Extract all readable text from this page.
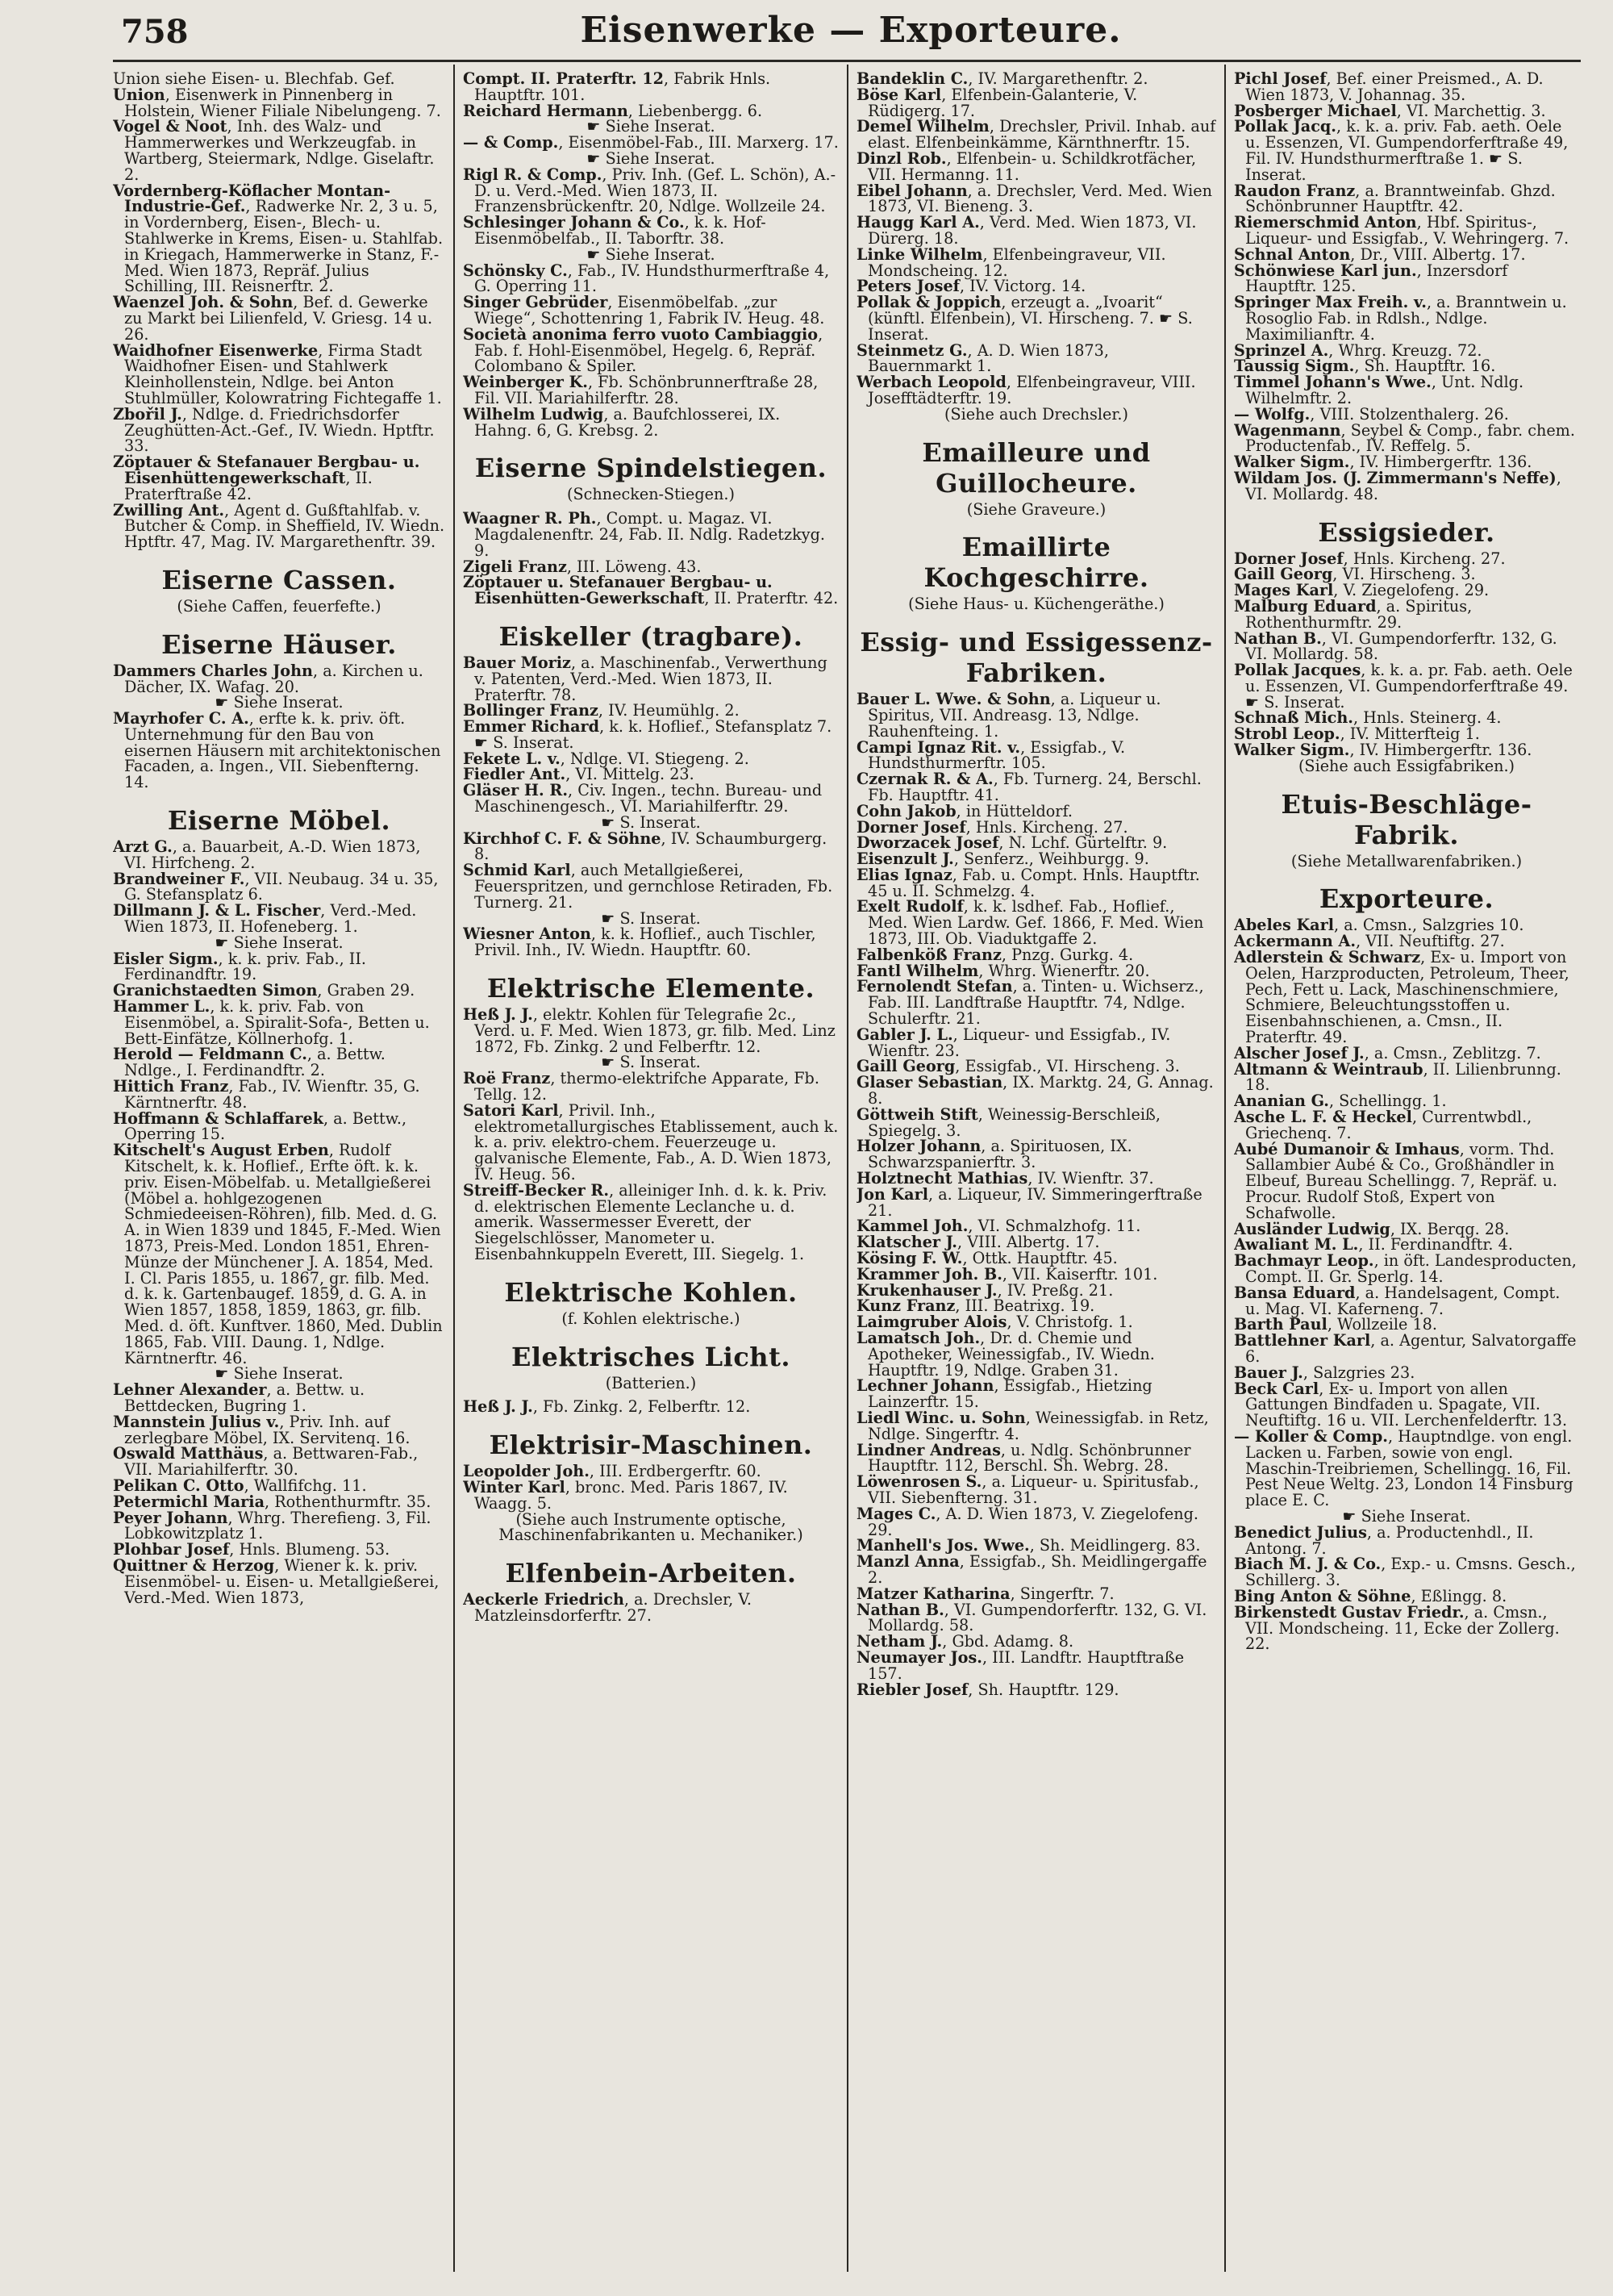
758	Eisenwerke — Exporteure.
Union siehe Eisen- u. Blechfab. Gef.
Union, Eisenwerk in Pinnenberg in Holstein, Wiener Filiale Nibelungeng. 7.
Vogel & Noot, Inh. des Walz- und Hammerwerkes und Werkzeugfab. in Wartberg, Steiermark, Ndlge. Giselaftr. 2.
Vordernberg-Köflacher Montan-Industrie-Gef., Radwerke Nr. 2, 3 u. 5, in Vordernberg, Eisen-, Blech- u. Stahlwerke in Krems, Eisen- u. Stahlfab. in Kriegach, Hammerwerke in Stanz, F.-Med. Wien 1873, Repräf. Julius Schilling, III. Reisnerftr. 2.
Waenzel Joh. & Sohn, Bef. d. Gewerke zu Markt bei Lilienfeld, V. Griesg. 14 u. 26.
Waidhofner Eisenwerke, Firma Stadt Waidhofner Eisen- und Stahlwerk Kleinhollenstein, Ndlge. bei Anton Stuhlmüller, Kolowratring Fichtegaffe 1.
Zbořil J., Ndlge. d. Friedrichsdorfer Zeughütten-Act.-Gef., IV. Wiedn. Hptftr. 33.
Zöptauer & Stefanauer Bergbau- u. Eisenhüttengewerkschaft, II. Praterftraße 42.
Zwilling Ant., Agent d. Gußftahlfab. v. Butcher & Comp. in Sheffield, IV. Wiedn. Hptftr. 47, Mag. IV. Margarethenftr. 39.
Eiserne Cassen.
(Siehe Caffen, feuerfefte.)
Eiserne Häuser.
Dammers Charles John, a. Kirchen u. Dächer, IX. Wafag. 20.
☛ Siehe Inserat.
Mayrhofer C. A., erfte k. k. priv. öft. Unternehmung für den Bau von eisernen Häusern mit architektonischen Facaden, a. Ingen., VII. Siebenfterng. 14.
Eiserne Möbel.
Arzt G., a. Bauarbeit, A.-D. Wien 1873, VI. Hirfcheng. 2.
Brandweiner F., VII. Neubaug. 34 u. 35, G. Stefansplatz 6.
Dillmann J. & L. Fischer, Verd.-Med. Wien 1873, II. Hofeneberg. 1.
☛ Siehe Inserat.
Eisler Sigm., k. k. priv. Fab., II. Ferdinandftr. 19.
Granichstaedten Simon, Graben 29.
Hammer L., k. k. priv. Fab. von Eisenmöbel, a. Spiralit-Sofa-, Betten u. Bett-Einfätze, Köllnerhofg. 1.
Herold — Feldmann C., a. Bettw. Ndlge., I. Ferdinandftr. 2.
Hittich Franz, Fab., IV. Wienftr. 35, G. Kärntnerftr. 48.
Hoffmann & Schlaffarek, a. Bettw., Operring 15.
Kitschelt's August Erben, Rudolf Kitschelt, k. k. Hoflief., Erfte öft. k. k. priv. Eisen-Möbelfab. u. Metallgießerei (Möbel a. hohlgezogenen Schmiedeeisen-Röhren), filb. Med. d. G. A. in Wien 1839 und 1845, F.-Med. Wien 1873, Preis-Med. London 1851, Ehren-Münze der Münchener J. A. 1854, Med. I. Cl. Paris 1855, u. 1867, gr. filb. Med. d. k. k. Gartenbaugef. 1859, d. G. A. in Wien 1857, 1858, 1859, 1863, gr. filb. Med. d. öft. Kunftver. 1860, Med. Dublin 1865, Fab. VIII. Daung. 1, Ndlge. Kärntnerftr. 46.
☛ Siehe Inserat.
Lehner Alexander, a. Bettw. u. Bettdecken, Bugring 1.
Mannstein Julius v., Priv. Inh. auf zerlegbare Möbel, IX. Servitenq. 16.
Oswald Matthäus, a. Bettwaren-Fab., VII. Mariahilferftr. 30.
Pelikan C. Otto, Wallfifchg. 11.
Petermichl Maria, Rothenthurmftr. 35.
Peyer Johann, Whrg. Therefieng. 3, Fil. Lobkowitzplatz 1.
Plohbar Josef, Hnls. Blumeng. 53.
Quittner & Herzog, Wiener k. k. priv. Eisenmöbel- u. Eisen- u. Metallgießerei, Verd.-Med. Wien 1873,
Compt. II. Praterftr. 12, Fabrik Hnls. Hauptftr. 101.
Reichard Hermann, Liebenbergg. 6.
☛ Siehe Inserat.
— & Comp., Eisenmöbel-Fab., III. Marxerg. 17.
☛ Siehe Inserat.
Rigl R. & Comp., Priv. Inh. (Gef. L. Schön), A.-D. u. Verd.-Med. Wien 1873, II. Franzensbrückenftr. 20, Ndlge. Wollzeile 24.
Schlesinger Johann & Co., k. k. Hof-Eisenmöbelfab., II. Taborftr. 38.
☛ Siehe Inserat.
Schönsky C., Fab., IV. Hundsthurmerftraße 4, G. Operring 11.
Singer Gebrüder, Eisenmöbelfab. „zur Wiege“, Schottenring 1, Fabrik IV. Heug. 48.
Società anonima ferro vuoto Cambiaggio, Fab. f. Hohl-Eisenmöbel, Hegelg. 6, Repräf. Colombano & Spiler.
Weinberger K., Fb. Schönbrunnerftraße 28, Fil. VII. Mariahilferftr. 28.
Wilhelm Ludwig, a. Baufchlosserei, IX. Hahng. 6, G. Krebsg. 2.
Eiserne Spindelstiegen.
(Schnecken-Stiegen.)
Waagner R. Ph., Compt. u. Magaz. VI. Magdalenenftr. 24, Fab. II. Ndlg. Radetzkyg. 9.
Zigeli Franz, III. Löweng. 43.
Zöptauer u. Stefanauer Bergbau- u. Eisenhütten-Gewerkschaft, II. Praterftr. 42.
Eiskeller (tragbare).
Bauer Moriz, a. Maschinenfab., Verwerthung v. Patenten, Verd.-Med. Wien 1873, II. Praterftr. 78.
Bollinger Franz, IV. Heumühlg. 2.
Emmer Richard, k. k. Hoflief., Stefansplatz 7. ☛ S. Inserat.
Fekete L. v., Ndlge. VI. Stiegeng. 2.
Fiedler Ant., VI. Mittelg. 23.
Gläser H. R., Civ. Ingen., techn. Bureau- und Maschinengesch., VI. Mariahilferftr. 29.
☛ S. Inserat.
Kirchhof C. F. & Söhne, IV. Schaumburgerg. 8.
Schmid Karl, auch Metallgießerei, Feuerspritzen, und gernchlose Retiraden, Fb. Turnerg. 21.
☛ S. Inserat.
Wiesner Anton, k. k. Hoflief., auch Tischler, Privil. Inh., IV. Wiedn. Hauptftr. 60.
Elektrische Elemente.
Heß J. J., elektr. Kohlen für Telegrafie 2c., Verd. u. F. Med. Wien 1873, gr. filb. Med. Linz 1872, Fb. Zinkg. 2 und Felberftr. 12.
☛ S. Inserat.
Roë Franz, thermo-elektrifche Apparate, Fb. Tellg. 12.
Satori Karl, Privil. Inh., elektrometallurgisches Etablissement, auch k. k. a. priv. elektro-chem. Feuerzeuge u. galvanische Elemente, Fab., A. D. Wien 1873, IV. Heug. 56.
Streiff-Becker R., alleiniger Inh. d. k. k. Priv. d. elektrischen Elemente Leclanche u. d. amerik. Wassermesser Everett, der Siegelschlösser, Manometer u. Eisenbahnkuppeln Everett, III. Siegelg. 1.
Elektrische Kohlen.
(f. Kohlen elektrische.)
Elektrisches Licht.
(Batterien.)
Heß J. J., Fb. Zinkg. 2, Felberftr. 12.
Elektrisir-Maschinen.
Leopolder Joh., III. Erdbergerftr. 60.
Winter Karl, bronc. Med. Paris 1867, IV. Waagg. 5.
(Siehe auch Instrumente optische, Maschinenfabrikanten u. Mechaniker.)
Elfenbein-Arbeiten.
Aeckerle Friedrich, a. Drechsler, V. Matzleinsdorferftr. 27.
Bandeklin C., IV. Margarethenftr. 2.
Böse Karl, Elfenbein-Galanterie, V. Rüdigerg. 17.
Demel Wilhelm, Drechsler, Privil. Inhab. auf elast. Elfenbeinkämme, Kärnthnerftr. 15.
Dinzl Rob., Elfenbein- u. Schildkrotfächer, VII. Hermanng. 11.
Eibel Johann, a. Drechsler, Verd. Med. Wien 1873, VI. Bieneng. 3.
Haugg Karl A., Verd. Med. Wien 1873, VI. Dürerg. 18.
Linke Wilhelm, Elfenbeingraveur, VII. Mondscheing. 12.
Peters Josef, IV. Victorg. 14.
Pollak & Joppich, erzeugt a. „Ivoarit“ (künftl. Elfenbein), VI. Hirscheng. 7. ☛ S. Inserat.
Steinmetz G., A. D. Wien 1873, Bauernmarkt 1.
Werbach Leopold, Elfenbeingraveur, VIII. Josefftädterftr. 19.
(Siehe auch Drechsler.)
Emailleure und Guillocheure.
(Siehe Graveure.)
Emaillirte Kochgeschirre.
(Siehe Haus- u. Küchengeräthe.)
Essig- und Essigessenz-Fabriken.
Bauer L. Wwe. & Sohn, a. Liqueur u. Spiritus, VII. Andreasg. 13, Ndlge. Rauhenfteing. 1.
Campi Ignaz Rit. v., Essigfab., V. Hundsthurmerftr. 105.
Czernak R. & A., Fb. Turnerg. 24, Berschl. Fb. Hauptftr. 41.
Cohn Jakob, in Hütteldorf.
Dorner Josef, Hnls. Kircheng. 27.
Dworzacek Josef, N. Lchf. Gürtelftr. 9.
Eisenzult J., Senferz., Weihburgg. 9.
Elias Ignaz, Fab. u. Compt. Hnls. Hauptftr. 45 u. II. Schmelzg. 4.
Exelt Rudolf, k. k. lsdhef. Fab., Hoflief., Med. Wien Lardw. Gef. 1866, F. Med. Wien 1873, III. Ob. Viaduktgaffe 2.
Falbenköß Franz, Pnzg. Gurkg. 4.
Fantl Wilhelm, Whrg. Wienerftr. 20.
Fernolendt Stefan, a. Tinten- u. Wichserz., Fab. III. Landftraße Hauptftr. 74, Ndlge. Schulerftr. 21.
Gabler J. L., Liqueur- und Essigfab., IV. Wienftr. 23.
Gaill Georg, Essigfab., VI. Hirscheng. 3.
Glaser Sebastian, IX. Marktg. 24, G. Annag. 8.
Göttweih Stift, Weinessig-Berschleiß, Spiegelg. 3.
Holzer Johann, a. Spirituosen, IX. Schwarzspanierftr. 3.
Holztnecht Mathias, IV. Wienftr. 37.
Jon Karl, a. Liqueur, IV. Simmeringerftraße 21.
Kammel Joh., VI. Schmalzhofg. 11.
Klatscher J., VIII. Albertg. 17.
Kösing F. W., Ottk. Hauptftr. 45.
Krammer Joh. B., VII. Kaiserftr. 101.
Krukenhauser J., IV. Preßg. 21.
Kunz Franz, III. Beatrixg. 19.
Laimgruber Alois, V. Christofg. 1.
Lamatsch Joh., Dr. d. Chemie und Apotheker, Weinessigfab., IV. Wiedn. Hauptftr. 19, Ndlge. Graben 31.
Lechner Johann, Essigfab., Hietzing Lainzerftr. 15.
Liedl Winc. u. Sohn, Weinessigfab. in Retz, Ndlge. Singerftr. 4.
Lindner Andreas, u. Ndlg. Schönbrunner Hauptftr. 112, Berschl. Sh. Webrg. 28.
Löwenrosen S., a. Liqueur- u. Spiritusfab., VII. Siebenfterng. 31.
Mages C., A. D. Wien 1873, V. Ziegelofeng. 29.
Manhell's Jos. Wwe., Sh. Meidlingerg. 83.
Manzl Anna, Essigfab., Sh. Meidlingergaffe 2.
Matzer Katharina, Singerftr. 7.
Nathan B., VI. Gumpendorferftr. 132, G. VI. Mollardg. 58.
Netham J., Gbd. Adamg. 8.
Neumayer Jos., III. Landftr. Hauptftraße 157.
Riebler Josef, Sh. Hauptftr. 129.
Pichl Josef, Bef. einer Preismed., A. D. Wien 1873, V. Johannag. 35.
Posberger Michael, VI. Marchettig. 3.
Pollak Jacq., k. k. a. priv. Fab. aeth. Oele u. Essenzen, VI. Gumpendorferftraße 49, Fil. IV. Hundsthurmerftraße 1. ☛ S. Inserat.
Raudon Franz, a. Branntweinfab. Ghzd. Schönbrunner Hauptftr. 42.
Riemerschmid Anton, Hbf. Spiritus-, Liqueur- und Essigfab., V. Wehringerg. 7.
Schnal Anton, Dr., VIII. Albertg. 17.
Schönwiese Karl jun., Inzersdorf Hauptftr. 125.
Springer Max Freih. v., a. Branntwein u. Rosoglio Fab. in Rdlsh., Ndlge. Maximilianftr. 4.
Sprinzel A., Whrg. Kreuzg. 72.
Taussig Sigm., Sh. Hauptftr. 16.
Timmel Johann's Wwe., Unt. Ndlg. Wilhelmftr. 2.
— Wolfg., VIII. Stolzenthalerg. 26.
Wagenmann, Seybel & Comp., fabr. chem. Productenfab., IV. Reffelg. 5.
Walker Sigm., IV. Himbergerftr. 136.
Wildam Jos. (J. Zimmermann's Neffe), VI. Mollardg. 48.
Essigsieder.
Dorner Josef, Hnls. Kircheng. 27.
Gaill Georg, VI. Hirscheng. 3.
Mages Karl, V. Ziegelofeng. 29.
Malburg Eduard, a. Spiritus, Rothenthurmftr. 29.
Nathan B., VI. Gumpendorferftr. 132, G. VI. Mollardg. 58.
Pollak Jacques, k. k. a. pr. Fab. aeth. Oele u. Essenzen, VI. Gumpendorferftraße 49. ☛ S. Inserat.
Schnaß Mich., Hnls. Steinerg. 4.
Strobl Leop., IV. Mitterfteig 1.
Walker Sigm., IV. Himbergerftr. 136.
(Siehe auch Essigfabriken.)
Etuis-Beschläge-Fabrik.
(Siehe Metallwarenfabriken.)
Exporteure.
Abeles Karl, a. Cmsn., Salzgries 10.
Ackermann A., VII. Neuftiftg. 27.
Adlerstein & Schwarz, Ex- u. Import von Oelen, Harzproducten, Petroleum, Theer, Pech, Fett u. Lack, Maschinenschmiere, Schmiere, Beleuchtungsstoffen u. Eisenbahnschienen, a. Cmsn., II. Praterftr. 49.
Alscher Josef J., a. Cmsn., Zeblitzg. 7.
Altmann & Weintraub, II. Lilienbrunng. 18.
Ananian G., Schellingg. 1.
Asche L. F. & Heckel, Currentwbdl., Griechenq. 7.
Aubé Dumanoir & Imhaus, vorm. Thd. Sallambier Aubé & Co., Großhändler in Elbeuf, Bureau Schellingg. 7, Repräf. u. Procur. Rudolf Stoß, Expert von Schafwolle.
Ausländer Ludwig, IX. Berqg. 28.
Awaliant M. L., II. Ferdinandftr. 4.
Bachmayr Leop., in öft. Landesproducten, Compt. II. Gr. Sperlg. 14.
Bansa Eduard, a. Handelsagent, Compt. u. Mag. VI. Kaferneng. 7.
Barth Paul, Wollzeile 18.
Battlehner Karl, a. Agentur, Salvatorgaffe 6.
Bauer J., Salzgries 23.
Beck Carl, Ex- u. Import von allen Gattungen Bindfaden u. Spagate, VII. Neuftiftg. 16 u. VII. Lerchenfelderftr. 13.
— Koller & Comp., Hauptndlge. von engl. Lacken u. Farben, sowie von engl. Maschin-Treibriemen, Schellingg. 16, Fil. Pest Neue Weltg. 23, London 14 Finsburg place E. C.
☛ Siehe Inserat.
Benedict Julius, a. Productenhdl., II. Antong. 7.
Biach M. J. & Co., Exp.- u. Cmsns. Gesch., Schillerg. 3.
Bing Anton & Söhne, Eßlingg. 8.
Birkenstedt Gustav Friedr., a. Cmsn., VII. Mondscheing. 11, Ecke der Zollerg. 22.
